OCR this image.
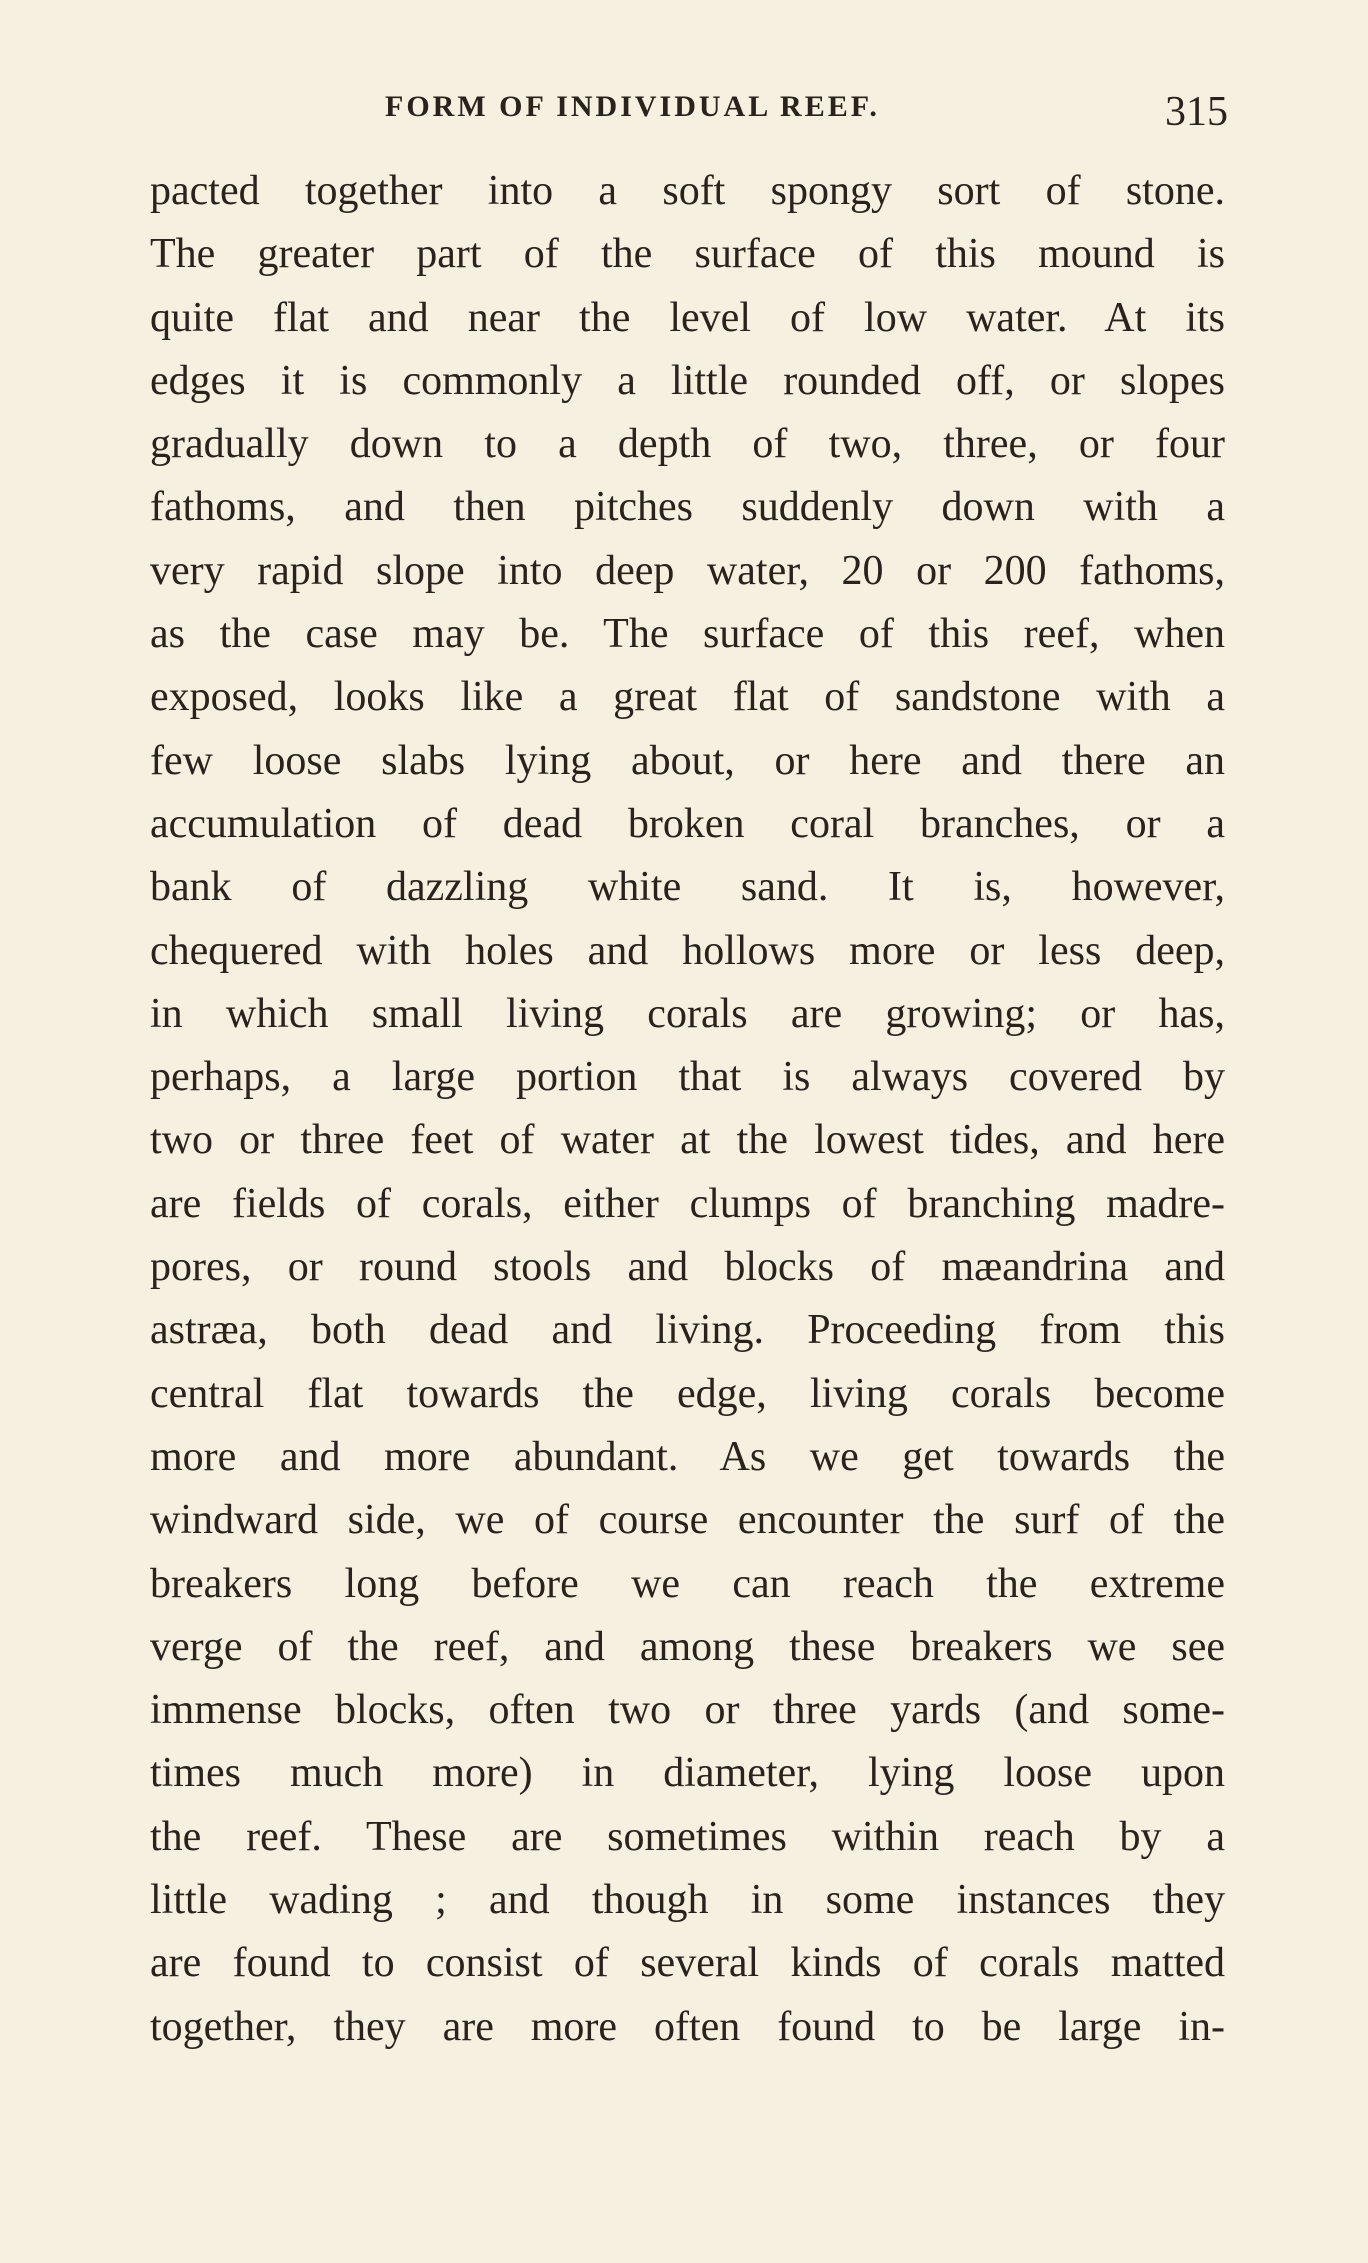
FORM OF INDIVIDUAL REEF.	315
pacted together into a soft spongy sort of stone.
The greater part of the surface of this mound is
quite flat and near the level of low water. At its
edges it is commonly a little rounded off, or slopes
gradually down to a depth of two, three, or four
fathoms, and then pitches suddenly down with a
very rapid slope into deep water, 20 or 200 fathoms,
as the case may be. The surface of this reef, when
exposed, looks like a great flat of sandstone with a
few loose slabs lying about, or here and there an
accumulation of dead broken coral branches, or a
bank of dazzling white sand. It is, however,
chequered with holes and hollows more or less deep,
in which small living corals are growing; or has,
perhaps, a large portion that is always covered by
two or three feet of water at the lowest tides, and here
are fields of corals, either clumps of branching madre-
pores, or round stools and blocks of mæandrina and
astræa, both dead and living. Proceeding from this
central flat towards the edge, living corals become
more and more abundant. As we get towards the
windward side, we of course encounter the surf of the
breakers long before we can reach the extreme
verge of the reef, and among these breakers we see
immense blocks, often two or three yards (and some-
times much more) in diameter, lying loose upon
the reef. These are sometimes within reach by a
little wading ; and though in some instances they
are found to consist of several kinds of corals matted
together, they are more often found to be large in-
